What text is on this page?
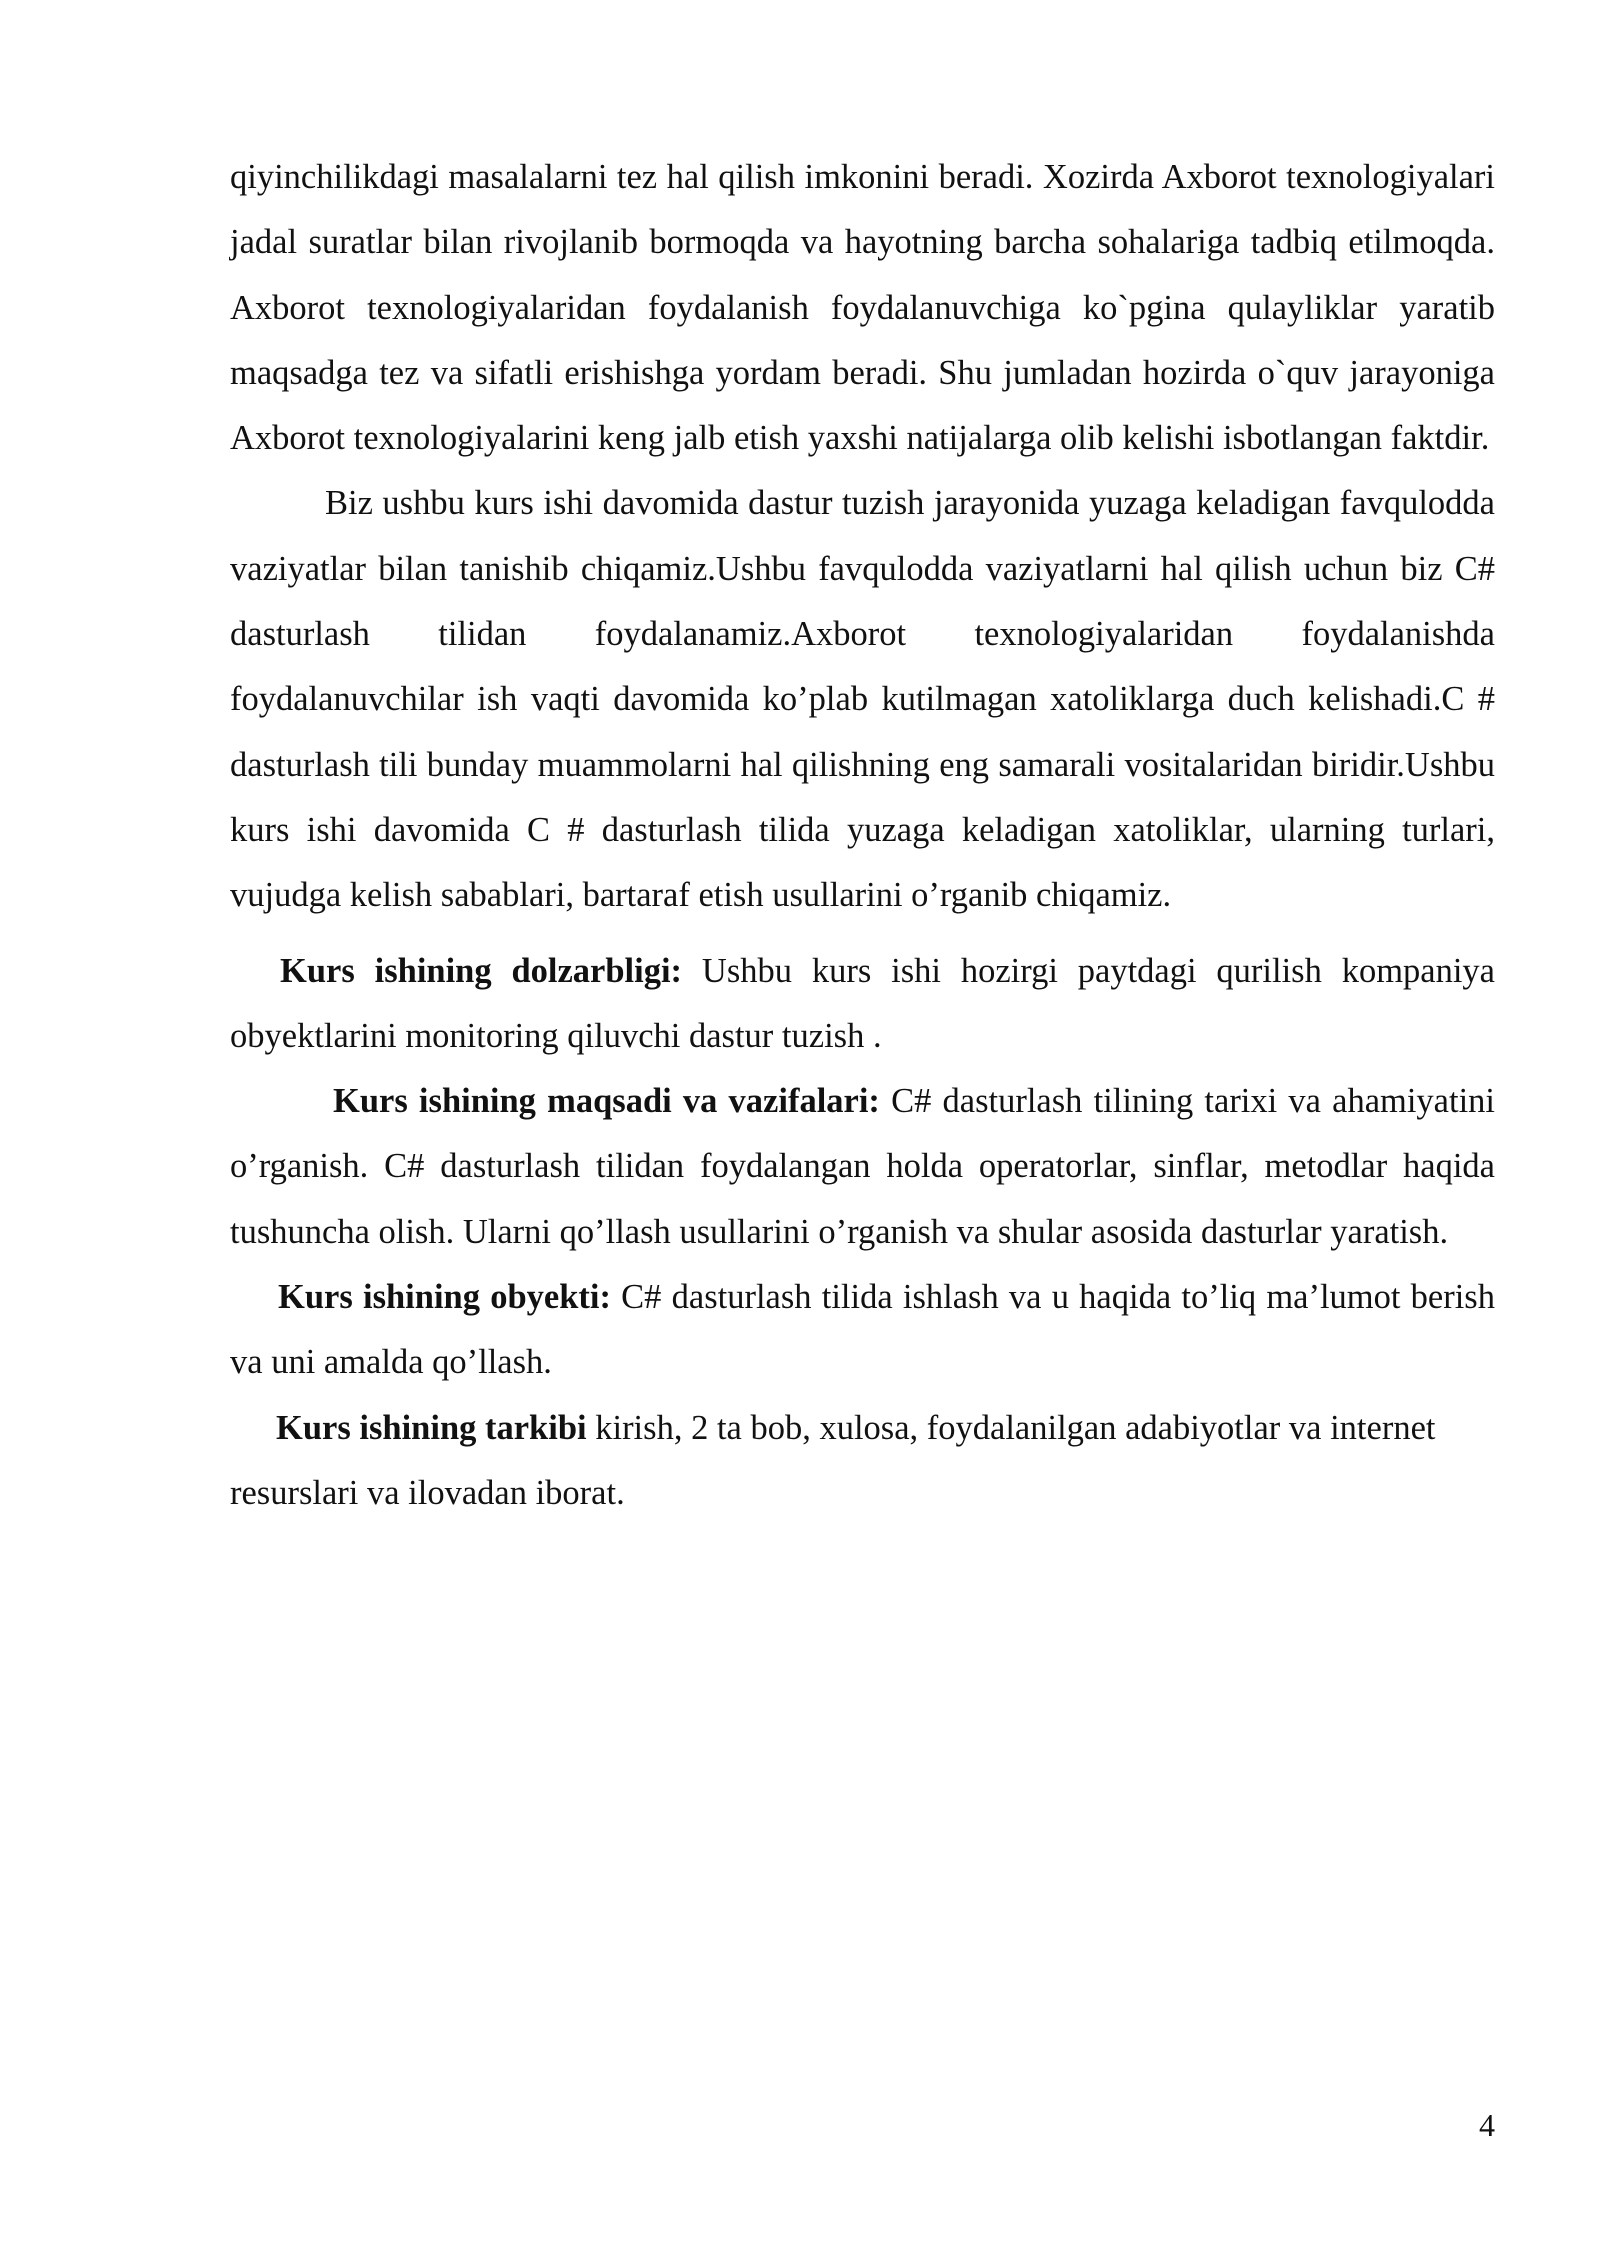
qiyinchilikdagi masalalarni tez hal qilish imkonini beradi. Xozirda Axborot texnologiyalari jadal suratlar bilan rivojlanib bormoqda va hayotning barcha sohalariga tadbiq etilmoqda. Axborot texnologiyalaridan foydalanish foydalanuvchiga ko`pgina qulayliklar yaratib maqsadga tez va sifatli erishishga yordam beradi. Shu jumladan hozirda o`quv jarayoniga Axborot texnologiyalarini keng jalb etish yaxshi natijalarga olib kelishi isbotlangan faktdir.

Biz ushbu kurs ishi davomida dastur tuzish jarayonida yuzaga keladigan favqulodda vaziyatlar bilan tanishib chiqamiz.Ushbu favqulodda vaziyatlarni hal qilish uchun biz C# dasturlash tilidan foydalanamiz.Axborot texnologiyalaridan foydalanishda foydalanuvchilar ish vaqti davomida ko’plab kutilmagan xatoliklarga duch kelishadi.C # dasturlash tili bunday muammolarni hal qilishning eng samarali vositalaridan biridir.Ushbu kurs ishi davomida C # dasturlash tilida yuzaga keladigan xatoliklar, ularning turlari, vujudga kelish sabablari, bartaraf etish usullarini o’rganib chiqamiz.

Kurs ishining dolzarbligi: Ushbu kurs ishi hozirgi paytdagi qurilish kompaniya obyektlarini monitoring qiluvchi dastur tuzish .

Kurs ishining maqsadi va vazifalari: C# dasturlash tilining tarixi va ahamiyatini o’rganish. C# dasturlash tilidan foydalangan holda operatorlar, sinflar, metodlar haqida tushuncha olish. Ularni qo’llash usullarini o’rganish va shular asosida dasturlar yaratish.

Kurs ishining obyekti: C# dasturlash tilida ishlash va u haqida to’liq ma’lumot berish va uni amalda qo’llash.

Kurs ishining tarkibi kirish, 2 ta bob, xulosa, foydalanilgan adabiyotlar va internet resurslari va ilovadan iborat.

4
